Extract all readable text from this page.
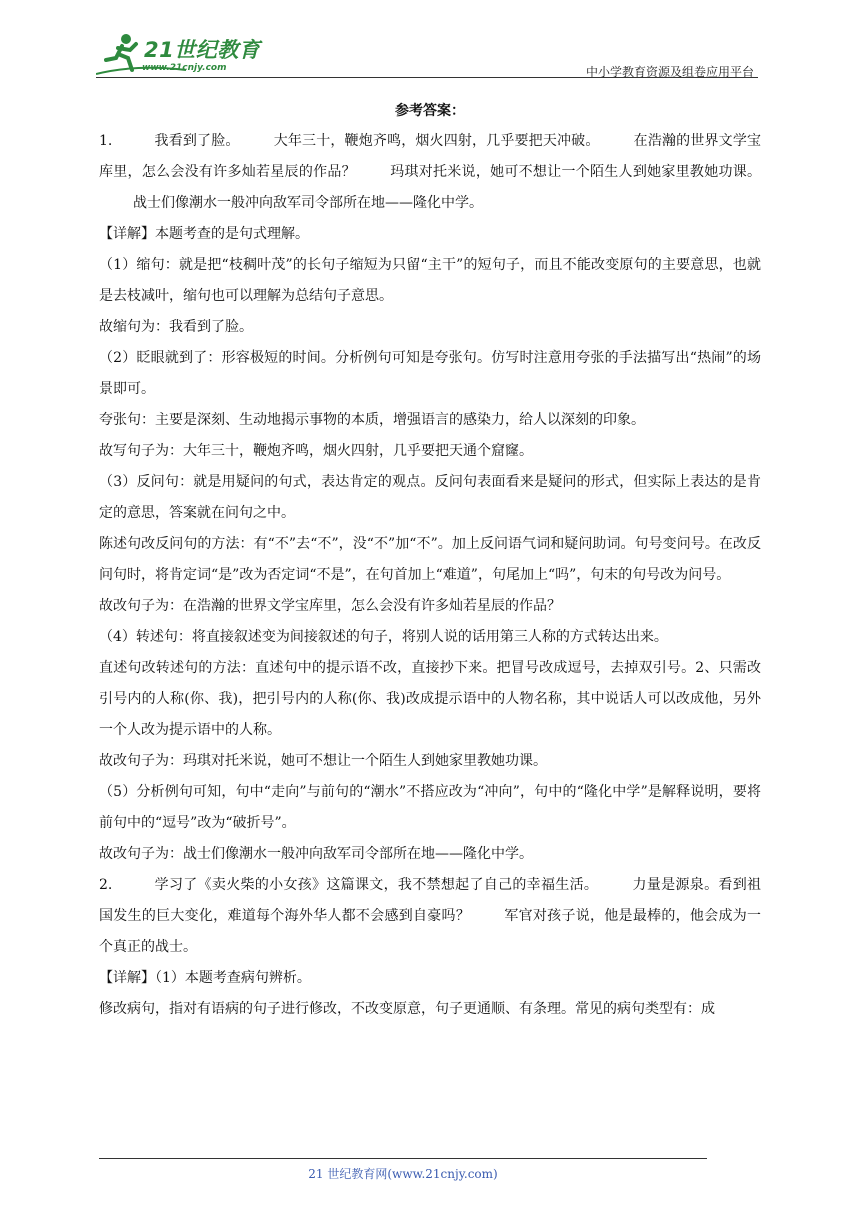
21世纪教育
www.21cnjy.com	中小学教育资源及组卷应用平台
参考答案：

1.	我看到了脸。 大年三十，鞭炮齐鸣，烟火四射，几乎要把天冲破。 在浩瀚的世界文学宝库里，怎么会没有许多灿若星辰的作品？ 玛琪对托米说，她可不想让一个陌生人到她家里教她功课。战士们像潮水一般冲向敌军司令部所在地——隆化中学。

【详解】本题考查的是句式理解。

（1）缩句：就是把“枝稠叶茂”的长句子缩短为只留“主干”的短句子，而且不能改变原句的主要意思，也就是去枝减叶，缩句也可以理解为总结句子意思。

故缩句为：我看到了脸。

（2）眨眼就到了：形容极短的时间。分析例句可知是夸张句。仿写时注意用夸张的手法描写出“热闹”的场景即可。

夸张句：主要是深刻、生动地揭示事物的本质，增强语言的感染力，给人以深刻的印象。

故写句子为：大年三十，鞭炮齐鸣，烟火四射，几乎要把天通个窟窿。

（3）反问句：就是用疑问的句式，表达肯定的观点。反问句表面看来是疑问的形式，但实际上表达的是肯定的意思，答案就在问句之中。

陈述句改反问句的方法：有“不”去“不”，没“不”加“不”。加上反问语气词和疑问助词。句号变问号。在改反问句时，将肯定词“是”改为否定词“不是”，在句首加上“难道”，句尾加上“吗”，句末的句号改为问号。

故改句子为：在浩瀚的世界文学宝库里，怎么会没有许多灿若星辰的作品？

（4）转述句：将直接叙述变为间接叙述的句子，将别人说的话用第三人称的方式转达出来。

直述句改转述句的方法：直述句中的提示语不改，直接抄下来。把冒号改成逗号，去掉双引号。2、只需改引号内的人称(你、我)，把引号内的人称(你、我)改成提示语中的人物名称，其中说话人可以改成他，另外一个人改为提示语中的人称。

故改句子为：玛琪对托米说，她可不想让一个陌生人到她家里教她功课。

（5）分析例句可知，句中“走向”与前句的“潮水”不搭应改为“冲向”，句中的“隆化中学”是解释说明，要将前句中的“逗号”改为“破折号”。

故改句子为：战士们像潮水一般冲向敌军司令部所在地——隆化中学。

2.	学习了《卖火柴的小女孩》这篇课文，我不禁想起了自己的幸福生活。 力量是源泉。看到祖国发生的巨大变化，难道每个海外华人都不会感到自豪吗？ 军官对孩子说，他是最棒的，他会成为一个真正的战士。

【详解】（1）本题考查病句辨析。

修改病句，指对有语病的句子进行修改，不改变原意，句子更通顺、有条理。常见的病句类型有：成

21 世纪教育网(www.21cnjy.com)
